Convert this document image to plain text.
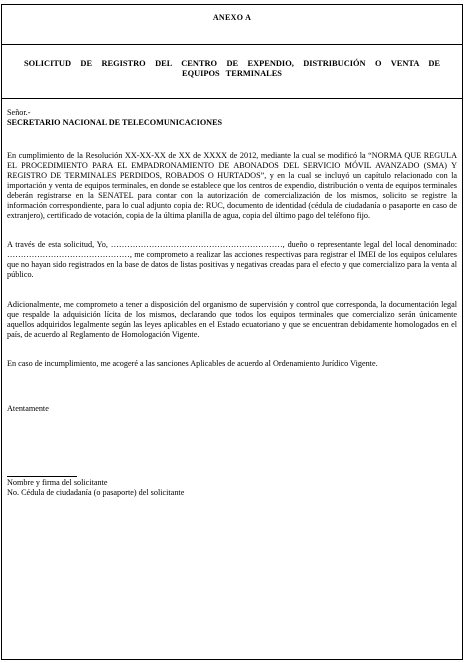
ANEXO A
SOLICITUD DE REGISTRO DEL CENTRO DE EXPENDIO, DISTRIBUCIÓN O VENTA DE EQUIPOS TERMINALES
Señor.-
SECRETARIO NACIONAL DE TELECOMUNICACIONES

En cumplimiento de la Resolución XX-XX-XX de XX de XXXX de 2012, mediante la cual se modificó la “NORMA QUE REGULA EL PROCEDIMIENTO PARA EL EMPADRONAMIENTO DE ABONADOS DEL SERVICIO MÓVIL AVANZADO (SMA) Y REGISTRO DE TERMINALES PERDIDOS, ROBADOS O HURTADOS”, y en la cual se incluyó un capítulo relacionado con la importación y venta de equipos terminales, en donde se establece que los centros de expendio, distribución o venta de equipos terminales deberán registrarse en la SENATEL para contar con la autorización de comercialización de los mismos, solicito se registre la información correspondiente, para lo cual adjunto copia de: RUC, documento de identidad (cédula de ciudadanía o pasaporte en caso de extranjero), certificado de votación, copia de la última planilla de agua, copia del último pago del teléfono fijo.

A través de esta solicitud, Yo, ………………………………………………………, dueño o representante legal del local denominado: ………………………………………, me comprometo a realizar las acciones respectivas para registrar el IMEI de los equipos celulares que no hayan sido registrados en la base de datos de listas positivas y negativas creadas para el efecto y que comercializo para la venta al público.

Adicionalmente, me comprometo a tener a disposición del organismo de supervisión y control que corresponda, la documentación legal que respalde la adquisición lícita de los mismos, declarando que todos los equipos terminales que comercializo serán únicamente aquellos adquiridos legalmente según las leyes aplicables en el Estado ecuatoriano y que se encuentran debidamente homologados en el país, de acuerdo al Reglamento de Homologación Vigente.

En caso de incumplimiento, me acogeré a las sanciones Aplicables de acuerdo al Ordenamiento Jurídico Vigente.

Atentamente
Nombre y firma del solicitante
No. Cédula de ciudadanía (o pasaporte) del solicitante
